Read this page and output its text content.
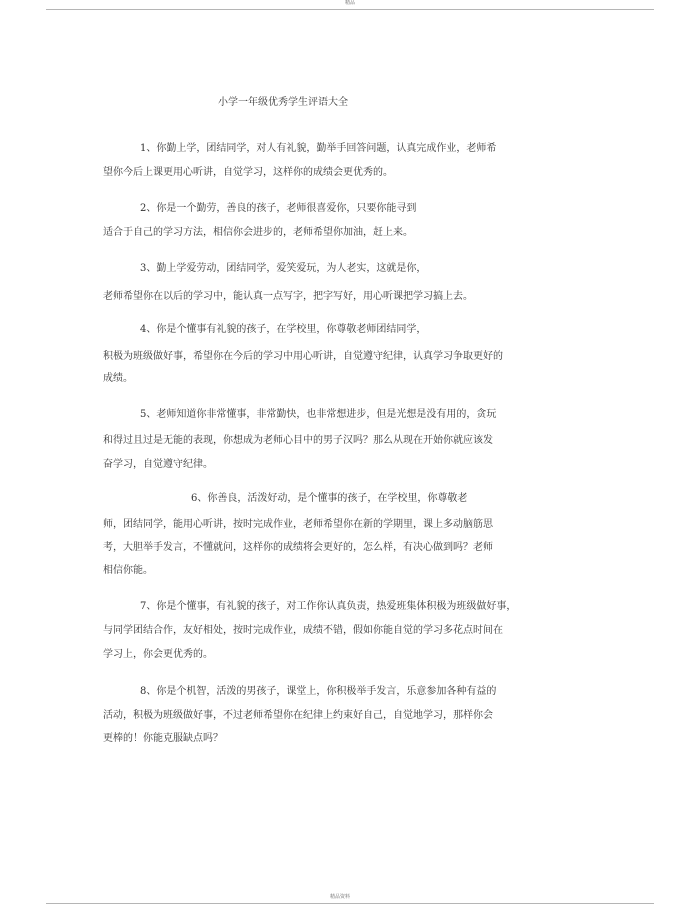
精品
小学一年级优秀学生评语大全
1、你勤上学，团结同学，对人有礼貌，勤举手回答问题，认真完成作业，老师希
望你今后上课更用心听讲，自觉学习，这样你的成绩会更优秀的。
2、你是一个勤劳，善良的孩子，老师很喜爱你，只要你能寻到
适合于自己的学习方法，相信你会进步的，老师希望你加油，赶上来。
3、勤上学爱劳动，团结同学，爱笑爱玩，为人老实，这就是你，
老师希望你在以后的学习中，能认真一点写字，把字写好，用心听课把学习搞上去。
4、你是个懂事有礼貌的孩子，在学校里，你尊敬老师团结同学，
积极为班级做好事，希望你在今后的学习中用心听讲，自觉遵守纪律，认真学习争取更好的
成绩。
5、老师知道你非常懂事，非常勤快，也非常想进步，但是光想是没有用的，贪玩
和得过且过是无能的表现，你想成为老师心目中的男子汉吗？那么从现在开始你就应该发
奋学习，自觉遵守纪律。
6、你善良，活泼好动，是个懂事的孩子，在学校里，你尊敬老
师，团结同学，能用心听讲，按时完成作业，老师希望你在新的学期里，课上多动脑筋思
考，大胆举手发言，不懂就问，这样你的成绩将会更好的，怎么样，有决心做到吗？老师
相信你能。
7、你是个懂事，有礼貌的孩子，对工作你认真负责，热爱班集体积极为班级做好事，
与同学团结合作，友好相处，按时完成作业，成绩不错，假如你能自觉的学习多花点时间在
学习上，你会更优秀的。
8、你是个机智，活泼的男孩子，课堂上，你积极举手发言，乐意参加各种有益的
活动，积极为班级做好事，不过老师希望你在纪律上约束好自己，自觉地学习，那样你会
更棒的！你能克服缺点吗？
精品资料
